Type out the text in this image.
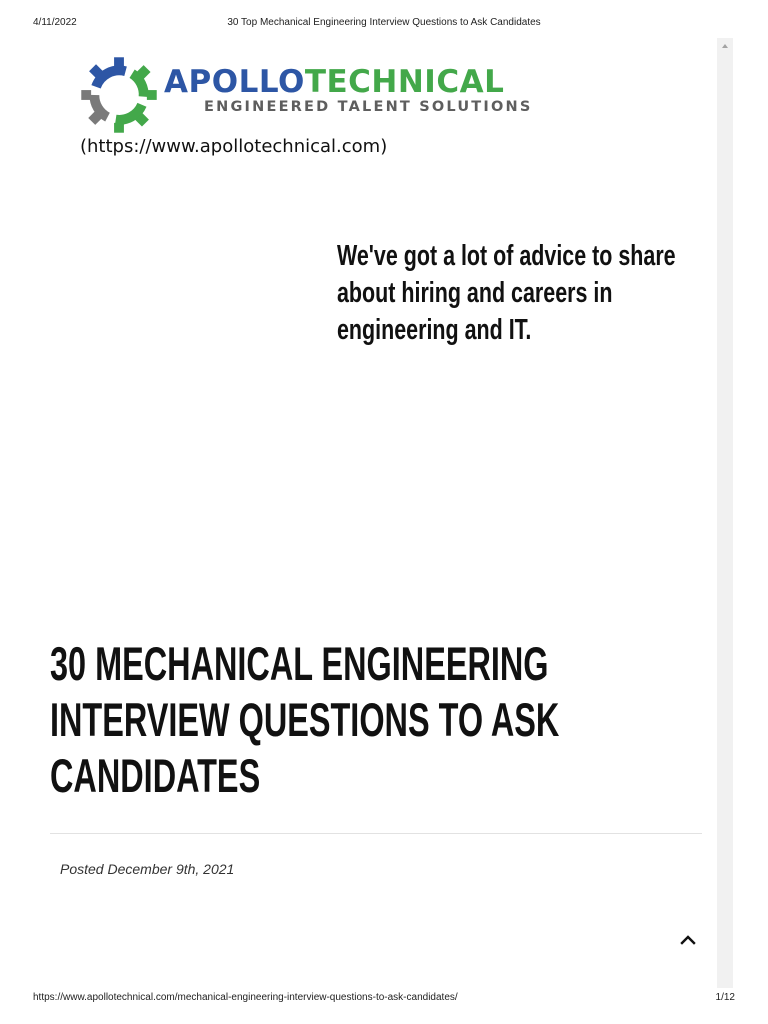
4/11/2022	30 Top Mechanical Engineering Interview Questions to Ask Candidates
APOLLOTECHNICAL
ENGINEERED TALENT SOLUTIONS
(https://www.apollotechnical.com)
We've got a lot of advice to share about hiring and careers in engineering and IT.
30 MECHANICAL ENGINEERING INTERVIEW QUESTIONS TO ASK CANDIDATES
Posted December 9th, 2021
https://www.apollotechnical.com/mechanical-engineering-interview-questions-to-ask-candidates/	1/12
